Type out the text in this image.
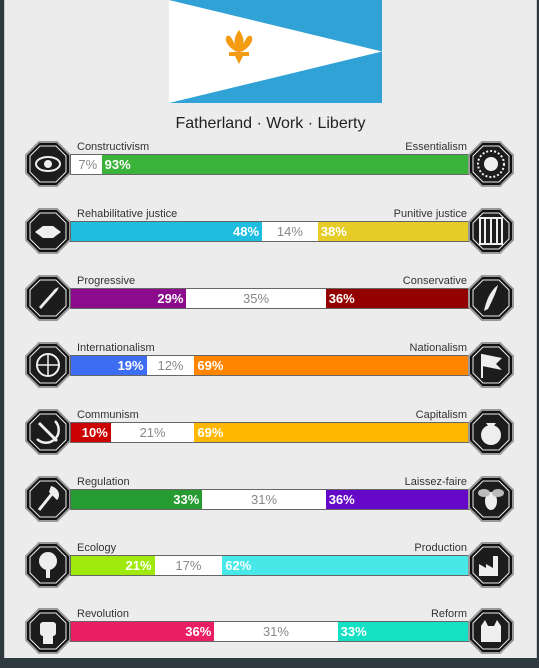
Fatherland · Work · Liberty
Constructivism	Essentialism
7% 93%
Rehabilitative justice	Punitive justice
48%	14%	38%
Progressive	Conservative
29%	35%	36%
Internationalism	Nationalism
19%	12%	69%
Communism	Capitalism
10%	21%	69%
Regulation	Laissez-faire
33%	31%	36%
Ecology	Production
21%	17%	62%
Revolution	Reform
36%	31%	33%
